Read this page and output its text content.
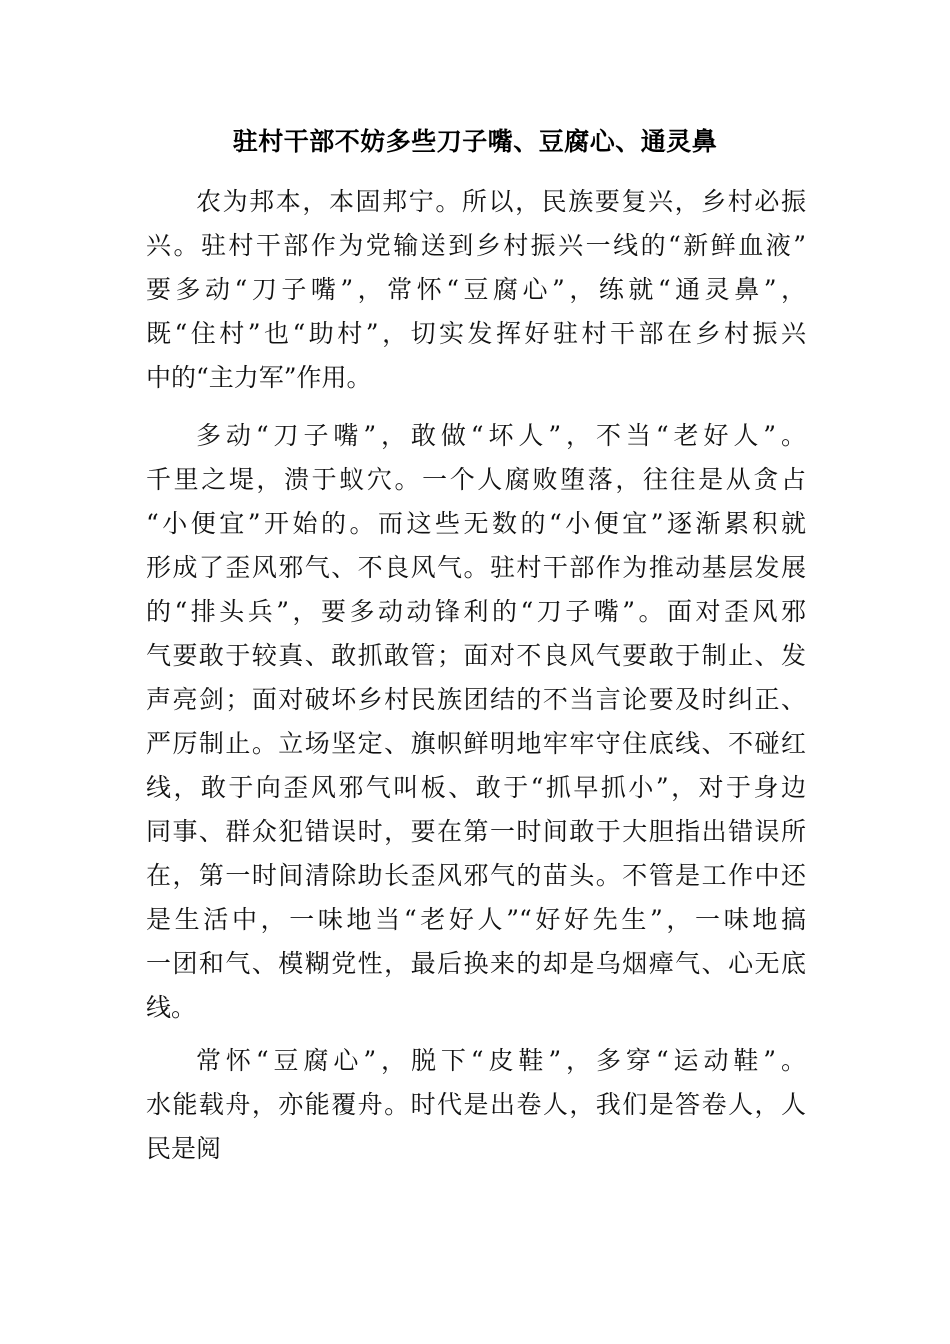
驻村干部不妨多些刀子嘴、豆腐心、通灵鼻
农为邦本，本固邦宁。所以，民族要复兴，乡村必振
兴。驻村干部作为党输送到乡村振兴一线的“新鲜血液”
要多动“刀子嘴”，常怀“豆腐心”，练就“通灵鼻”，
既“住村”也“助村”，切实发挥好驻村干部在乡村振兴
中的“主力军”作用。
多动“刀子嘴”，敢做“坏人”，不当“老好人”。
千里之堤，溃于蚁穴。一个人腐败堕落，往往是从贪占
“小便宜”开始的。而这些无数的“小便宜”逐渐累积就
形成了歪风邪气、不良风气。驻村干部作为推动基层发展
的“排头兵”，要多动动锋利的“刀子嘴”。面对歪风邪
气要敢于较真、敢抓敢管；面对不良风气要敢于制止、发
声亮剑；面对破坏乡村民族团结的不当言论要及时纠正、
严厉制止。立场坚定、旗帜鲜明地牢牢守住底线、不碰红
线，敢于向歪风邪气叫板、敢于“抓早抓小”，对于身边
同事、群众犯错误时，要在第一时间敢于大胆指出错误所
在，第一时间清除助长歪风邪气的苗头。不管是工作中还
是生活中，一味地当“老好人”“好好先生”，一味地搞
一团和气、模糊党性，最后换来的却是乌烟瘴气、心无底
线。
常怀“豆腐心”，脱下“皮鞋”，多穿“运动鞋”。
水能载舟，亦能覆舟。时代是出卷人，我们是答卷人，人
民是阅
